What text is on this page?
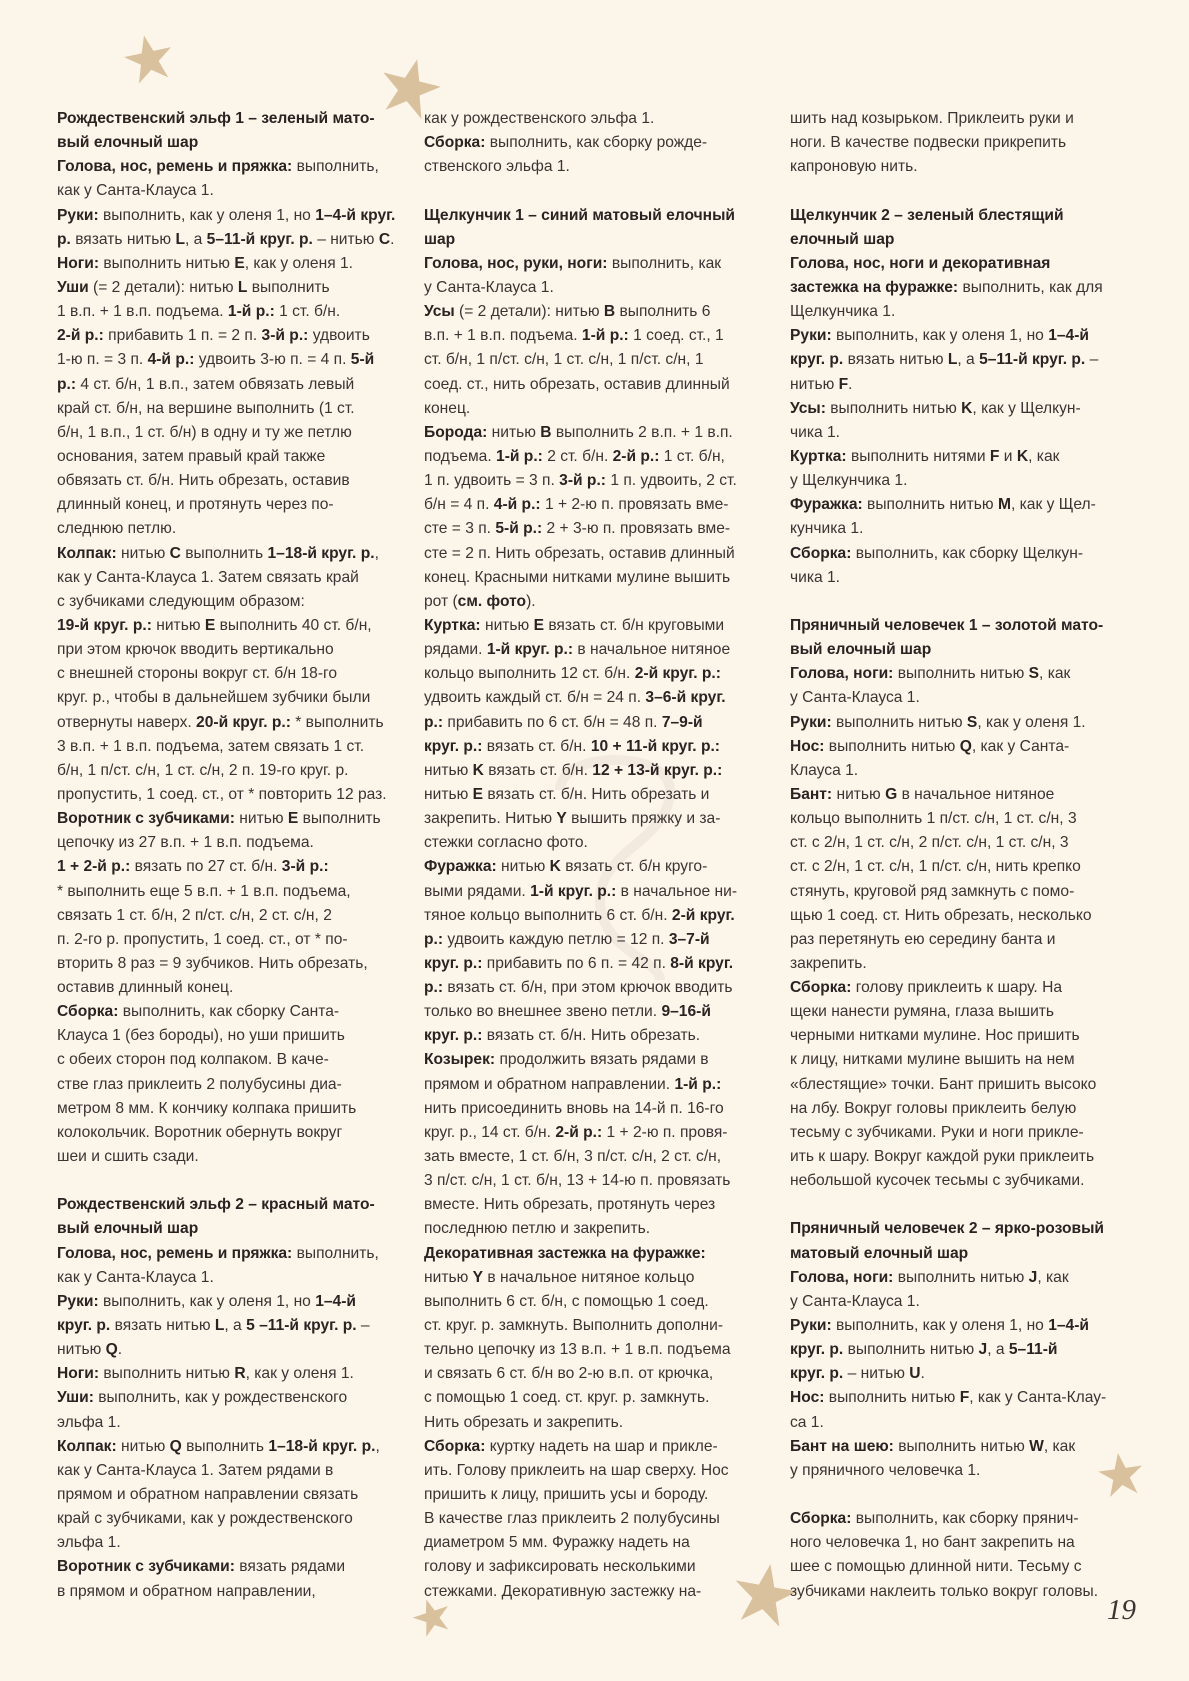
Рождественский эльф 1 – зеленый мато-
вый елочный шар
Голова, нос, ремень и пряжка: выполнить,
как у Санта-Клауса 1.
Руки: выполнить, как у оленя 1, но 1–4-й круг.
р. вязать нитью L, а 5–11-й круг. р. – нитью C.
Ноги: выполнить нитью E, как у оленя 1.
Уши (= 2 детали): нитью L выполнить
1 в.п. + 1 в.п. подъема. 1-й р.: 1 ст. б/н.
2-й р.: прибавить 1 п. = 2 п. 3-й р.: удвоить
1-ю п. = 3 п. 4-й р.: удвоить 3-ю п. = 4 п. 5-й
р.: 4 ст. б/н, 1 в.п., затем обвязать левый
край ст. б/н, на вершине выполнить (1 ст.
б/н, 1 в.п., 1 ст. б/н) в одну и ту же петлю
основания, затем правый край также
обвязать ст. б/н. Нить обрезать, оставив
длинный конец, и протянуть через по-
следнюю петлю.
Колпак: нитью C выполнить 1–18-й круг. р.,
как у Санта-Клауса 1. Затем связать край
с зубчиками следующим образом:
19-й круг. р.: нитью E выполнить 40 ст. б/н,
при этом крючок вводить вертикально
с внешней стороны вокруг ст. б/н 18-го
круг. р., чтобы в дальнейшем зубчики были
отвернуты наверх. 20-й круг. р.: * выполнить
3 в.п. + 1 в.п. подъема, затем связать 1 ст.
б/н, 1 п/ст. с/н, 1 ст. с/н, 2 п. 19-го круг. р.
пропустить, 1 соед. ст., от * повторить 12 раз.
Воротник с зубчиками: нитью E выполнить
цепочку из 27 в.п. + 1 в.п. подъема.
1 + 2-й р.: вязать по 27 ст. б/н. 3-й р.:
* выполнить еще 5 в.п. + 1 в.п. подъема,
связать 1 ст. б/н, 2 п/ст. с/н, 2 ст. с/н, 2
п. 2-го р. пропустить, 1 соед. ст., от * по-
вторить 8 раз = 9 зубчиков. Нить обрезать,
оставив длинный конец.
Сборка: выполнить, как сборку Санта-
Клауса 1 (без бороды), но уши пришить
с обеих сторон под колпаком. В каче-
стве глаз приклеить 2 полубусины диа-
метром 8 мм. К кончику колпака пришить
колокольчик. Воротник обернуть вокруг
шеи и сшить сзади.
Рождественский эльф 2 – красный мато-
вый елочный шар
Голова, нос, ремень и пряжка: выполнить,
как у Санта-Клауса 1.
Руки: выполнить, как у оленя 1, но 1–4-й
круг. р. вязать нитью L, а 5 –11-й круг. р. –
нитью Q.
Ноги: выполнить нитью R, как у оленя 1.
Уши: выполнить, как у рождественского
эльфа 1.
Колпак: нитью Q выполнить 1–18-й круг. р.,
как у Санта-Клауса 1. Затем рядами в
прямом и обратном направлении связать
край с зубчиками, как у рождественского
эльфа 1.
Воротник с зубчиками: вязать рядами
в прямом и обратном направлении,
как у рождественского эльфа 1.
Сборка: выполнить, как сборку рожде-
ственского эльфа 1.
Щелкунчик 1 – синий матовый елочный
шар
Голова, нос, руки, ноги: выполнить, как
у Санта-Клауса 1.
Усы (= 2 детали): нитью B выполнить 6
в.п. + 1 в.п. подъема. 1-й р.: 1 соед. ст., 1
ст. б/н, 1 п/ст. с/н, 1 ст. с/н, 1 п/ст. с/н, 1
соед. ст., нить обрезать, оставив длинный
конец.
Борода: нитью B выполнить 2 в.п. + 1 в.п.
подъема. 1-й р.: 2 ст. б/н. 2-й р.: 1 ст. б/н,
1 п. удвоить = 3 п. 3-й р.: 1 п. удвоить, 2 ст.
б/н = 4 п. 4-й р.: 1 + 2-ю п. провязать вме-
сте = 3 п. 5-й р.: 2 + 3-ю п. провязать вме-
сте = 2 п. Нить обрезать, оставив длинный
конец. Красными нитками мулине вышить
рот (см. фото).
Куртка: нитью E вязать ст. б/н круговыми
рядами. 1-й круг. р.: в начальное нитяное
кольцо выполнить 12 ст. б/н. 2-й круг. р.:
удвоить каждый ст. б/н = 24 п. 3–6-й круг.
р.: прибавить по 6 ст. б/н = 48 п. 7–9-й
круг. р.: вязать ст. б/н. 10 + 11-й круг. р.:
нитью K вязать ст. б/н. 12 + 13-й круг. р.:
нитью E вязать ст. б/н. Нить обрезать и
закрепить. Нитью Y вышить пряжку и за-
стежки согласно фото.
Фуражка: нитью K вязать ст. б/н круго-
выми рядами. 1-й круг. р.: в начальное ни-
тяное кольцо выполнить 6 ст. б/н. 2-й круг.
р.: удвоить каждую петлю = 12 п. 3–7-й
круг. р.: прибавить по 6 п. = 42 п. 8-й круг.
р.: вязать ст. б/н, при этом крючок вводить
только во внешнее звено петли. 9–16-й
круг. р.: вязать ст. б/н. Нить обрезать.
Козырек: продолжить вязать рядами в
прямом и обратном направлении. 1-й р.:
нить присоединить вновь на 14-й п. 16-го
круг. р., 14 ст. б/н. 2-й р.: 1 + 2-ю п. провя-
зать вместе, 1 ст. б/н, 3 п/ст. с/н, 2 ст. с/н,
3 п/ст. с/н, 1 ст. б/н, 13 + 14-ю п. провязать
вместе. Нить обрезать, протянуть через
последнюю петлю и закрепить.
Декоративная застежка на фуражке:
нитью Y в начальное нитяное кольцо
выполнить 6 ст. б/н, с помощью 1 соед.
ст. круг. р. замкнуть. Выполнить дополни-
тельно цепочку из 13 в.п. + 1 в.п. подъема
и связать 6 ст. б/н во 2-ю в.п. от крючка,
с помощью 1 соед. ст. круг. р. замкнуть.
Нить обрезать и закрепить.
Сборка: куртку надеть на шар и прикле-
ить. Голову приклеить на шар сверху. Нос
пришить к лицу, пришить усы и бороду.
В качестве глаз приклеить 2 полубусины
диаметром 5 мм. Фуражку надеть на
голову и зафиксировать несколькими
стежками. Декоративную застежку на-
шить над козырьком. Приклеить руки и
ноги. В качестве подвески прикрепить
капроновую нить.
Щелкунчик 2 – зеленый блестящий
елочный шар
Голова, нос, ноги и декоративная
застежка на фуражке: выполнить, как для
Щелкунчика 1.
Руки: выполнить, как у оленя 1, но 1–4-й
круг. р. вязать нитью L, а 5–11-й круг. р. –
нитью F.
Усы: выполнить нитью K, как у Щелкун-
чика 1.
Куртка: выполнить нитями F и K, как
у Щелкунчика 1.
Фуражка: выполнить нитью M, как у Щел-
кунчика 1.
Сборка: выполнить, как сборку Щелкун-
чика 1.
Пряничный человечек 1 – золотой мато-
вый елочный шар
Голова, ноги: выполнить нитью S, как
у Санта-Клауса 1.
Руки: выполнить нитью S, как у оленя 1.
Нос: выполнить нитью Q, как у Санта-
Клауса 1.
Бант: нитью G в начальное нитяное
кольцо выполнить 1 п/ст. с/н, 1 ст. с/н, 3
ст. с 2/н, 1 ст. с/н, 2 п/ст. с/н, 1 ст. с/н, 3
ст. с 2/н, 1 ст. с/н, 1 п/ст. с/н, нить крепко
стянуть, круговой ряд замкнуть с помо-
щью 1 соед. ст. Нить обрезать, несколько
раз перетянуть ею середину банта и
закрепить.
Сборка: голову приклеить к шару. На
щеки нанести румяна, глаза вышить
черными нитками мулине. Нос пришить
к лицу, нитками мулине вышить на нем
«блестящие» точки. Бант пришить высоко
на лбу. Вокруг головы приклеить белую
тесьму с зубчиками. Руки и ноги прикле-
ить к шару. Вокруг каждой руки приклеить
небольшой кусочек тесьмы с зубчиками.
Пряничный человечек 2 – ярко-розовый
матовый елочный шар
Голова, ноги: выполнить нитью J, как
у Санта-Клауса 1.
Руки: выполнить, как у оленя 1, но 1–4-й
круг. р. выполнить нитью J, а 5–11-й
круг. р. – нитью U.
Нос: выполнить нитью F, как у Санта-Клау-
са 1.
Бант на шею: выполнить нитью W, как
у пряничного человечка 1.
Сборка: выполнить, как сборку прянич-
ного человечка 1, но бант закрепить на
шее с помощью длинной нити. Тесьму с
зубчиками наклеить только вокруг головы.
19
